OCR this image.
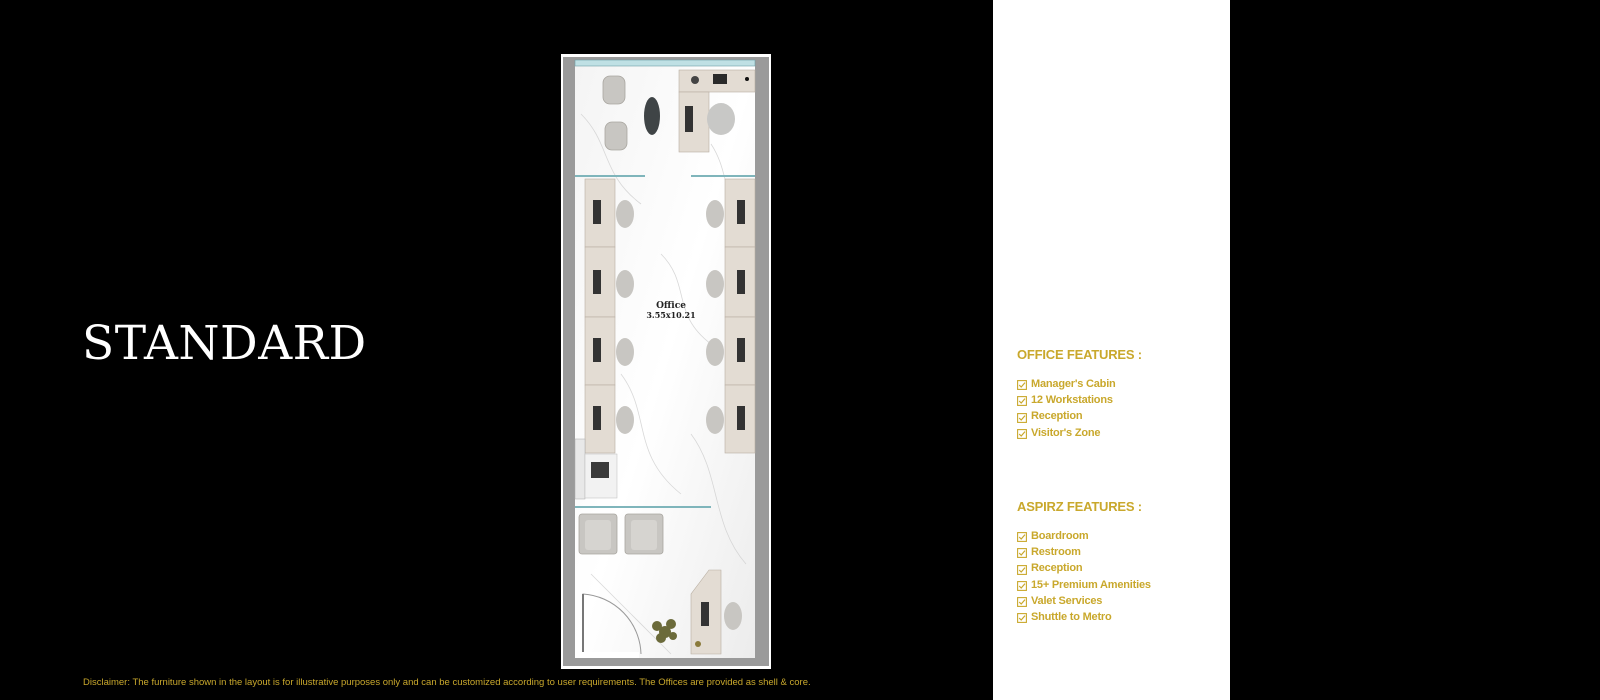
STANDARD
Office
3.55x10.21
OFFICE FEATURES :
Manager's Cabin
12 Workstations
Reception
Visitor's Zone
ASPIRZ FEATURES :
Boardroom
Restroom
Reception
15+ Premium Amenities
Valet Services
Shuttle to Metro
Disclaimer: The furniture shown in the layout is for illustrative purposes only and can be customized according to user requirements. The Offices are provided as shell & core.
